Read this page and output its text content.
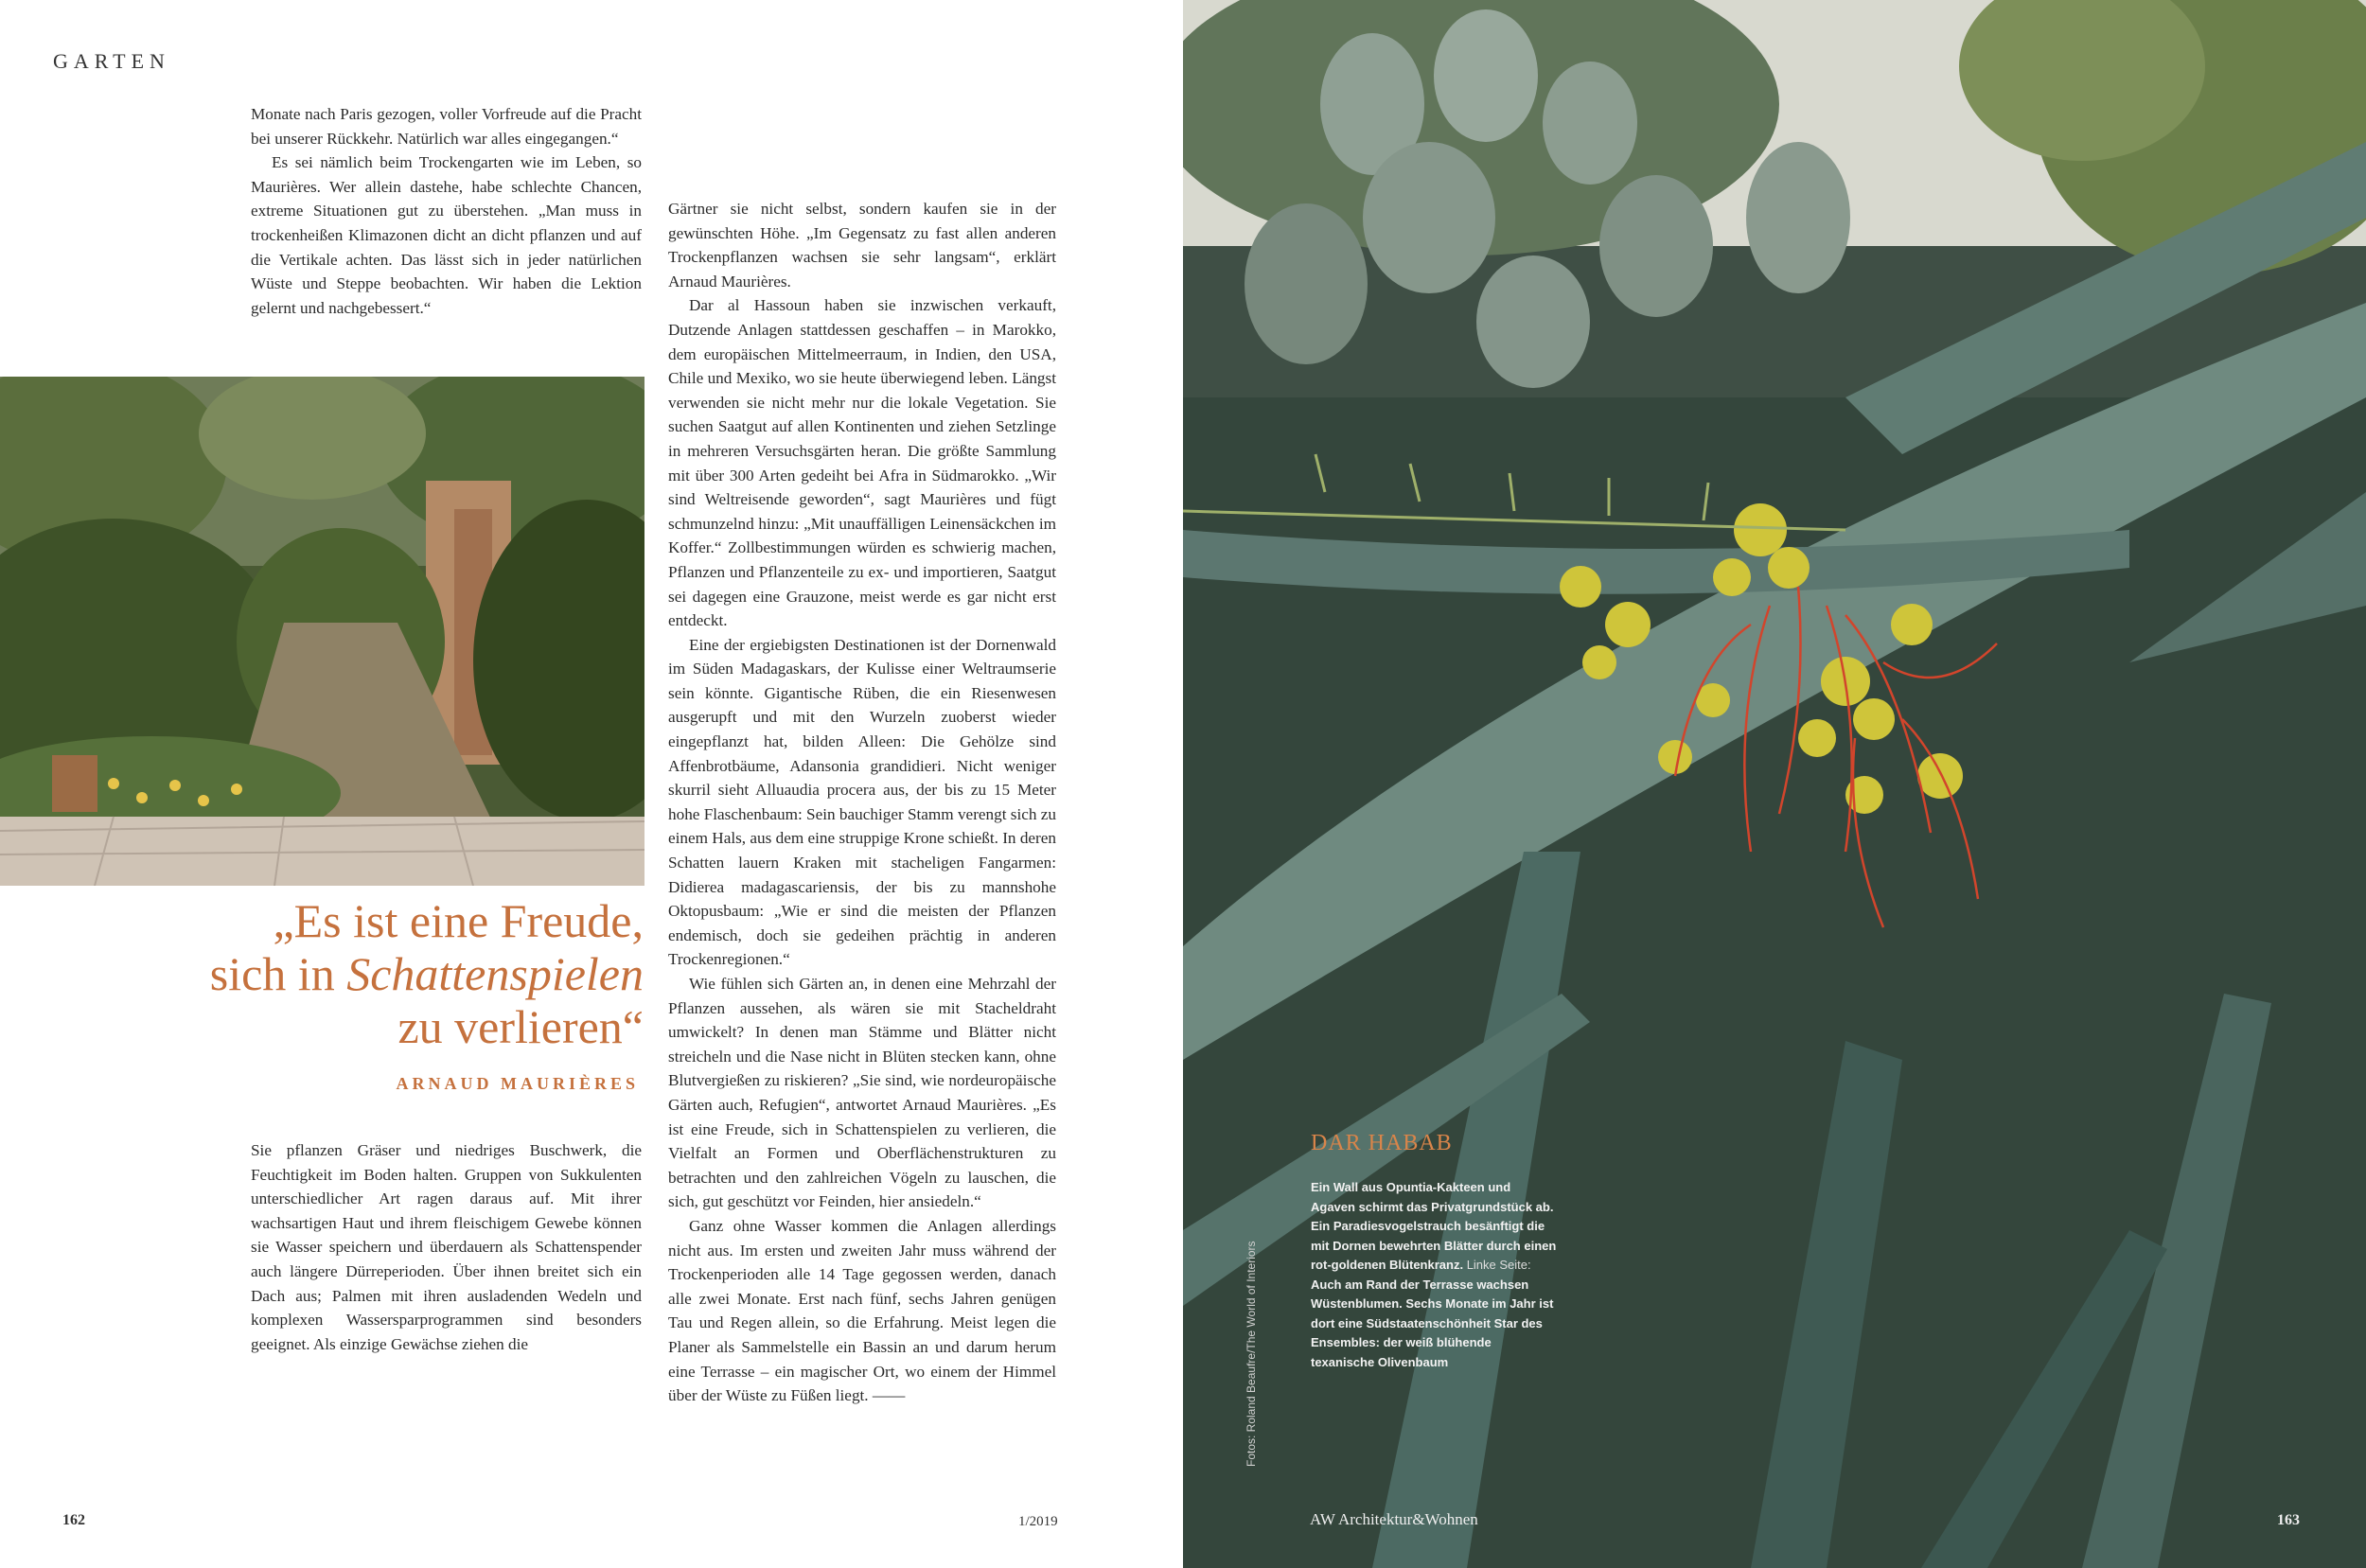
GARTEN

Monate nach Paris gezogen, voller Vorfreude auf die Pracht bei unserer Rückkehr. Natürlich war alles eingegangen.“

Es sei nämlich beim Trockengarten wie im Leben, so Maurières. Wer allein dastehe, habe schlechte Chancen, extreme Situationen gut zu überstehen. „Man muss in trockenheißen Klimazonen dicht an dicht pflanzen und auf die Vertikale achten. Das lässt sich in jeder natürlichen Wüste und Steppe beobachten. Wir haben die Lektion gelernt und nachgebessert.“

Gärtner sie nicht selbst, sondern kaufen sie in der gewünschten Höhe. „Im Gegensatz zu fast allen anderen Trockenpflanzen wachsen sie sehr langsam“, erklärt Arnaud Maurières.

Dar al Hassoun haben sie inzwischen verkauft, Dutzende Anlagen stattdessen geschaffen – in Marokko, dem europäischen Mittelmeerraum, in Indien, den USA, Chile und Mexiko, wo sie heute überwiegend leben. Längst verwenden sie nicht mehr nur die lokale Vegetation. Sie suchen Saatgut auf allen Kontinenten und ziehen Setzlinge in mehreren Versuchsgärten heran. Die größte Sammlung mit über 300 Arten gedeiht bei Afra in Südmarokko. „Wir sind Weltreisende geworden“, sagt Maurières und fügt schmunzelnd hinzu: „Mit unauffälligen Leinensäckchen im Koffer.“ Zollbestimmungen würden es schwierig machen, Pflanzen und Pflanzenteile zu ex- und importieren, Saatgut sei dagegen eine Grauzone, meist werde es gar nicht erst entdeckt.

Eine der ergiebigsten Destinationen ist der Dornenwald im Süden Madagaskars, der Kulisse einer Weltraumserie sein könnte. Gigantische Rüben, die ein Riesenwesen ausgerupft und mit den Wurzeln zuoberst wieder eingepflanzt hat, bilden Alleen: Die Gehölze sind Affenbrotbäume, Adansonia grandidieri. Nicht weniger skurril sieht Alluaudia procera aus, der bis zu 15 Meter hohe Flaschenbaum: Sein bauchiger Stamm verengt sich zu einem Hals, aus dem eine struppige Krone schießt. In deren Schatten lauern Kraken mit stacheligen Fangarmen: Didierea madagascariensis, der bis zu mannshohe Oktopusbaum: „Wie er sind die meisten der Pflanzen endemisch, doch sie gedeihen prächtig in anderen Trockenregionen.“

Wie fühlen sich Gärten an, in denen eine Mehrzahl der Pflanzen aussehen, als wären sie mit Stacheldraht umwickelt? In denen man Stämme und Blätter nicht streicheln und die Nase nicht in Blüten stecken kann, ohne Blutvergießen zu riskieren? „Sie sind, wie nordeuropäische Gärten auch, Refugien“, antwortet Arnaud Maurières. „Es ist eine Freude, sich in Schattenspielen zu verlieren, die Vielfalt an Formen und Oberflächenstrukturen zu betrachten und den zahlreichen Vögeln zu lauschen, die sich, gut geschützt vor Feinden, hier ansiedeln.“

Ganz ohne Wasser kommen die Anlagen allerdings nicht aus. Im ersten und zweiten Jahr muss während der Trockenperioden alle 14 Tage gegossen werden, danach alle zwei Monate. Erst nach fünf, sechs Jahren genügen Tau und Regen allein, so die Erfahrung. Meist legen die Planer als Sammelstelle ein Bassin an und darum herum eine Terrasse – ein magischer Ort, wo einem der Himmel über der Wüste zu Füßen liegt. ——

„Es ist eine Freude,
sich in Schattenspielen
zu verlieren“
ARNAUD MAURIÈRES

Sie pflanzen Gräser und niedriges Buschwerk, die Feuchtigkeit im Boden halten. Gruppen von Sukkulenten unterschiedlicher Art ragen daraus auf. Mit ihrer wachsartigen Haut und ihrem fleischigem Gewebe können sie Wasser speichern und überdauern als Schattenspender auch längere Dürreperioden. Über ihnen breitet sich ein Dach aus; Palmen mit ihren ausladenden Wedeln und komplexen Wassersparprogrammen sind besonders geeignet. Als einzige Gewächse ziehen die

162	1/2019
DAR HABAB
Ein Wall aus Opuntia-Kakteen und Agaven schirmt das Privatgrundstück ab. Ein Paradiesvogelstrauch besänftigt die mit Dornen bewehrten Blätter durch einen rot-goldenen Blütenkranz. Linke Seite: Auch am Rand der Terrasse wachsen Wüstenblumen. Sechs Monate im Jahr ist dort eine Südstaatenschönheit Star des Ensembles: der weiß blühende texanische Olivenbaum
Fotos: Roland Beaufre/The World of Interiors
AW Architektur&Wohnen	163
